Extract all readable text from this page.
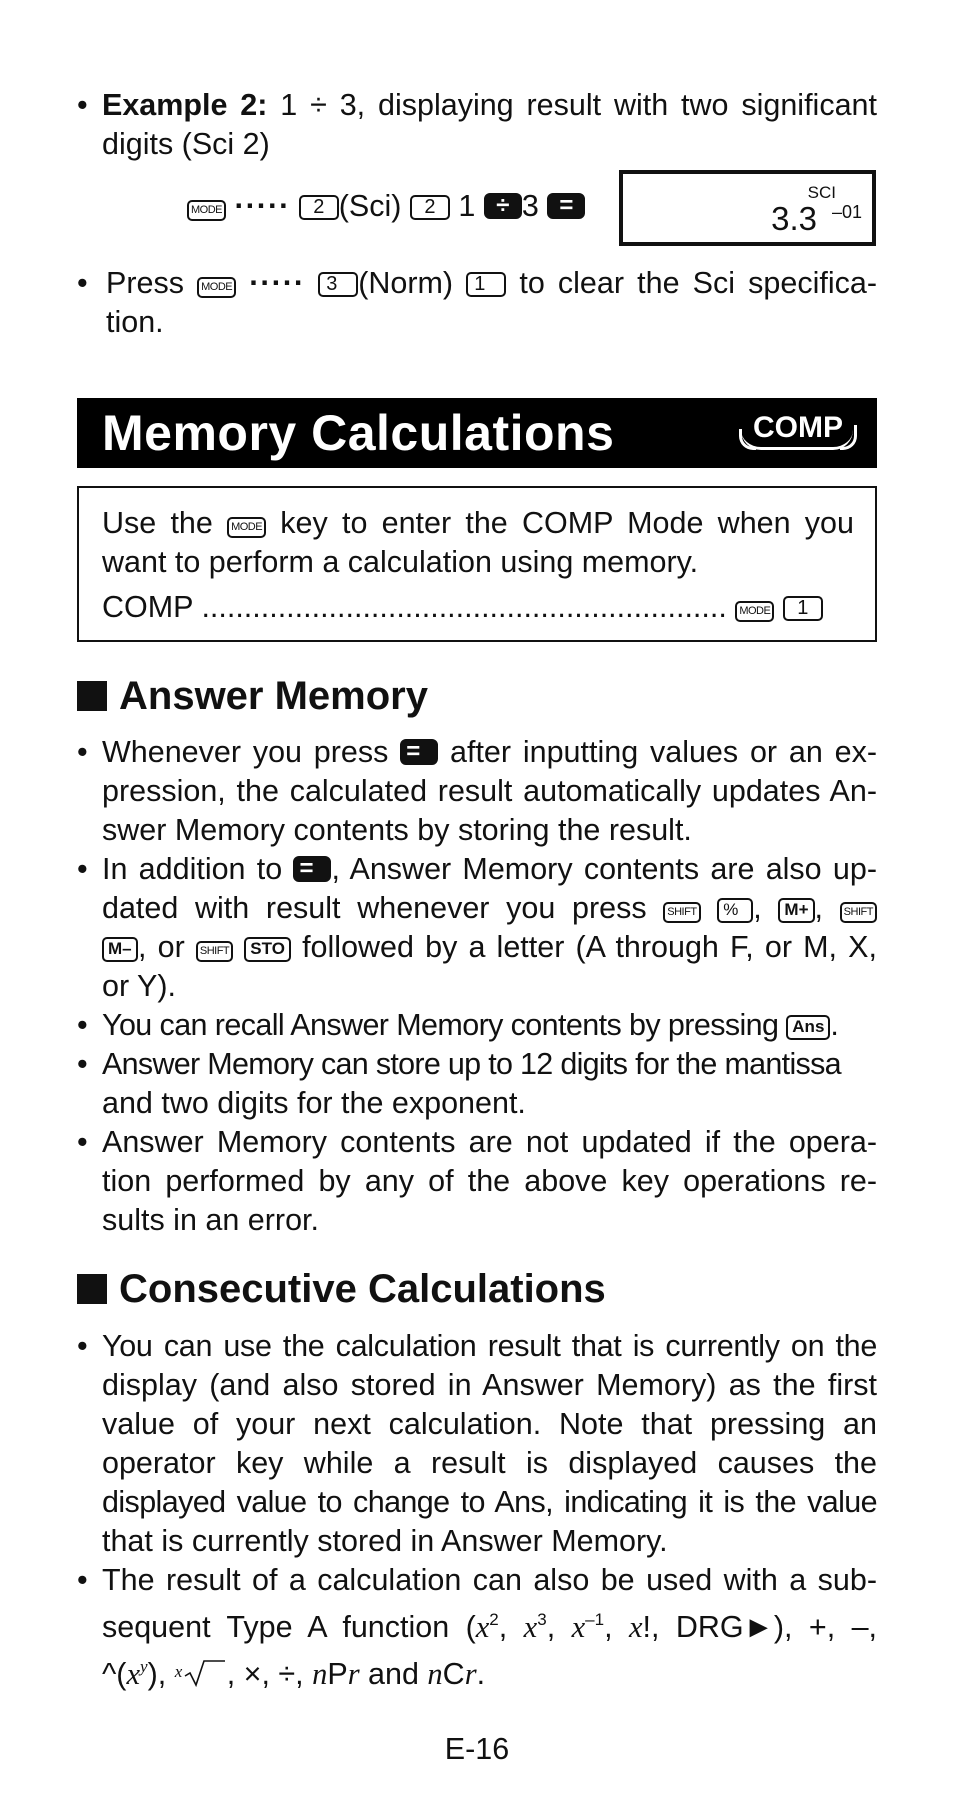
• Example 2: 1 ÷ 3, displaying result with two significant digits (Sci 2)
MODE ····· 2 (Sci) 2 1 ÷ 3 =	SCI
3.3 –01
• Press MODE ····· 3 (Norm) 1 to clear the Sci specifica-
tion.
Memory Calculations	COMP
Use the MODE key to enter the COMP Mode when you
want to perform a calculation using memory.
COMP .............................................................. MODE 1
Answer Memory
• Whenever you press = after inputting values or an ex-
pression, the calculated result automatically updates An-
swer Memory contents by storing the result.
• In addition to = , Answer Memory contents are also up-
dated with result whenever you press SHIFT % , M+ , SHIFT
M– , or SHIFT STO followed by a letter (A through F, or M, X,
or Y).
• You can recall Answer Memory contents by pressing Ans .
• Answer Memory can store up to 12 digits for the mantissa
and two digits for the exponent.
• Answer Memory contents are not updated if the opera-
tion performed by any of the above key operations re-
sults in an error.
Consecutive Calculations
• You can use the calculation result that is currently on the
display (and also stored in Answer Memory) as the first
value of your next calculation. Note that pressing an
operator key while a result is displayed causes the
displayed value to change to Ans, indicating it is the value
that is currently stored in Answer Memory.
• The result of a calculation can also be used with a sub-
sequent Type A function ($x^2$, $x^3$, $x^{-1}$, x!, DRG►), +, –,
$\^{}(x^y)$, x , ×, ÷, nPr and nCr.
E-16
